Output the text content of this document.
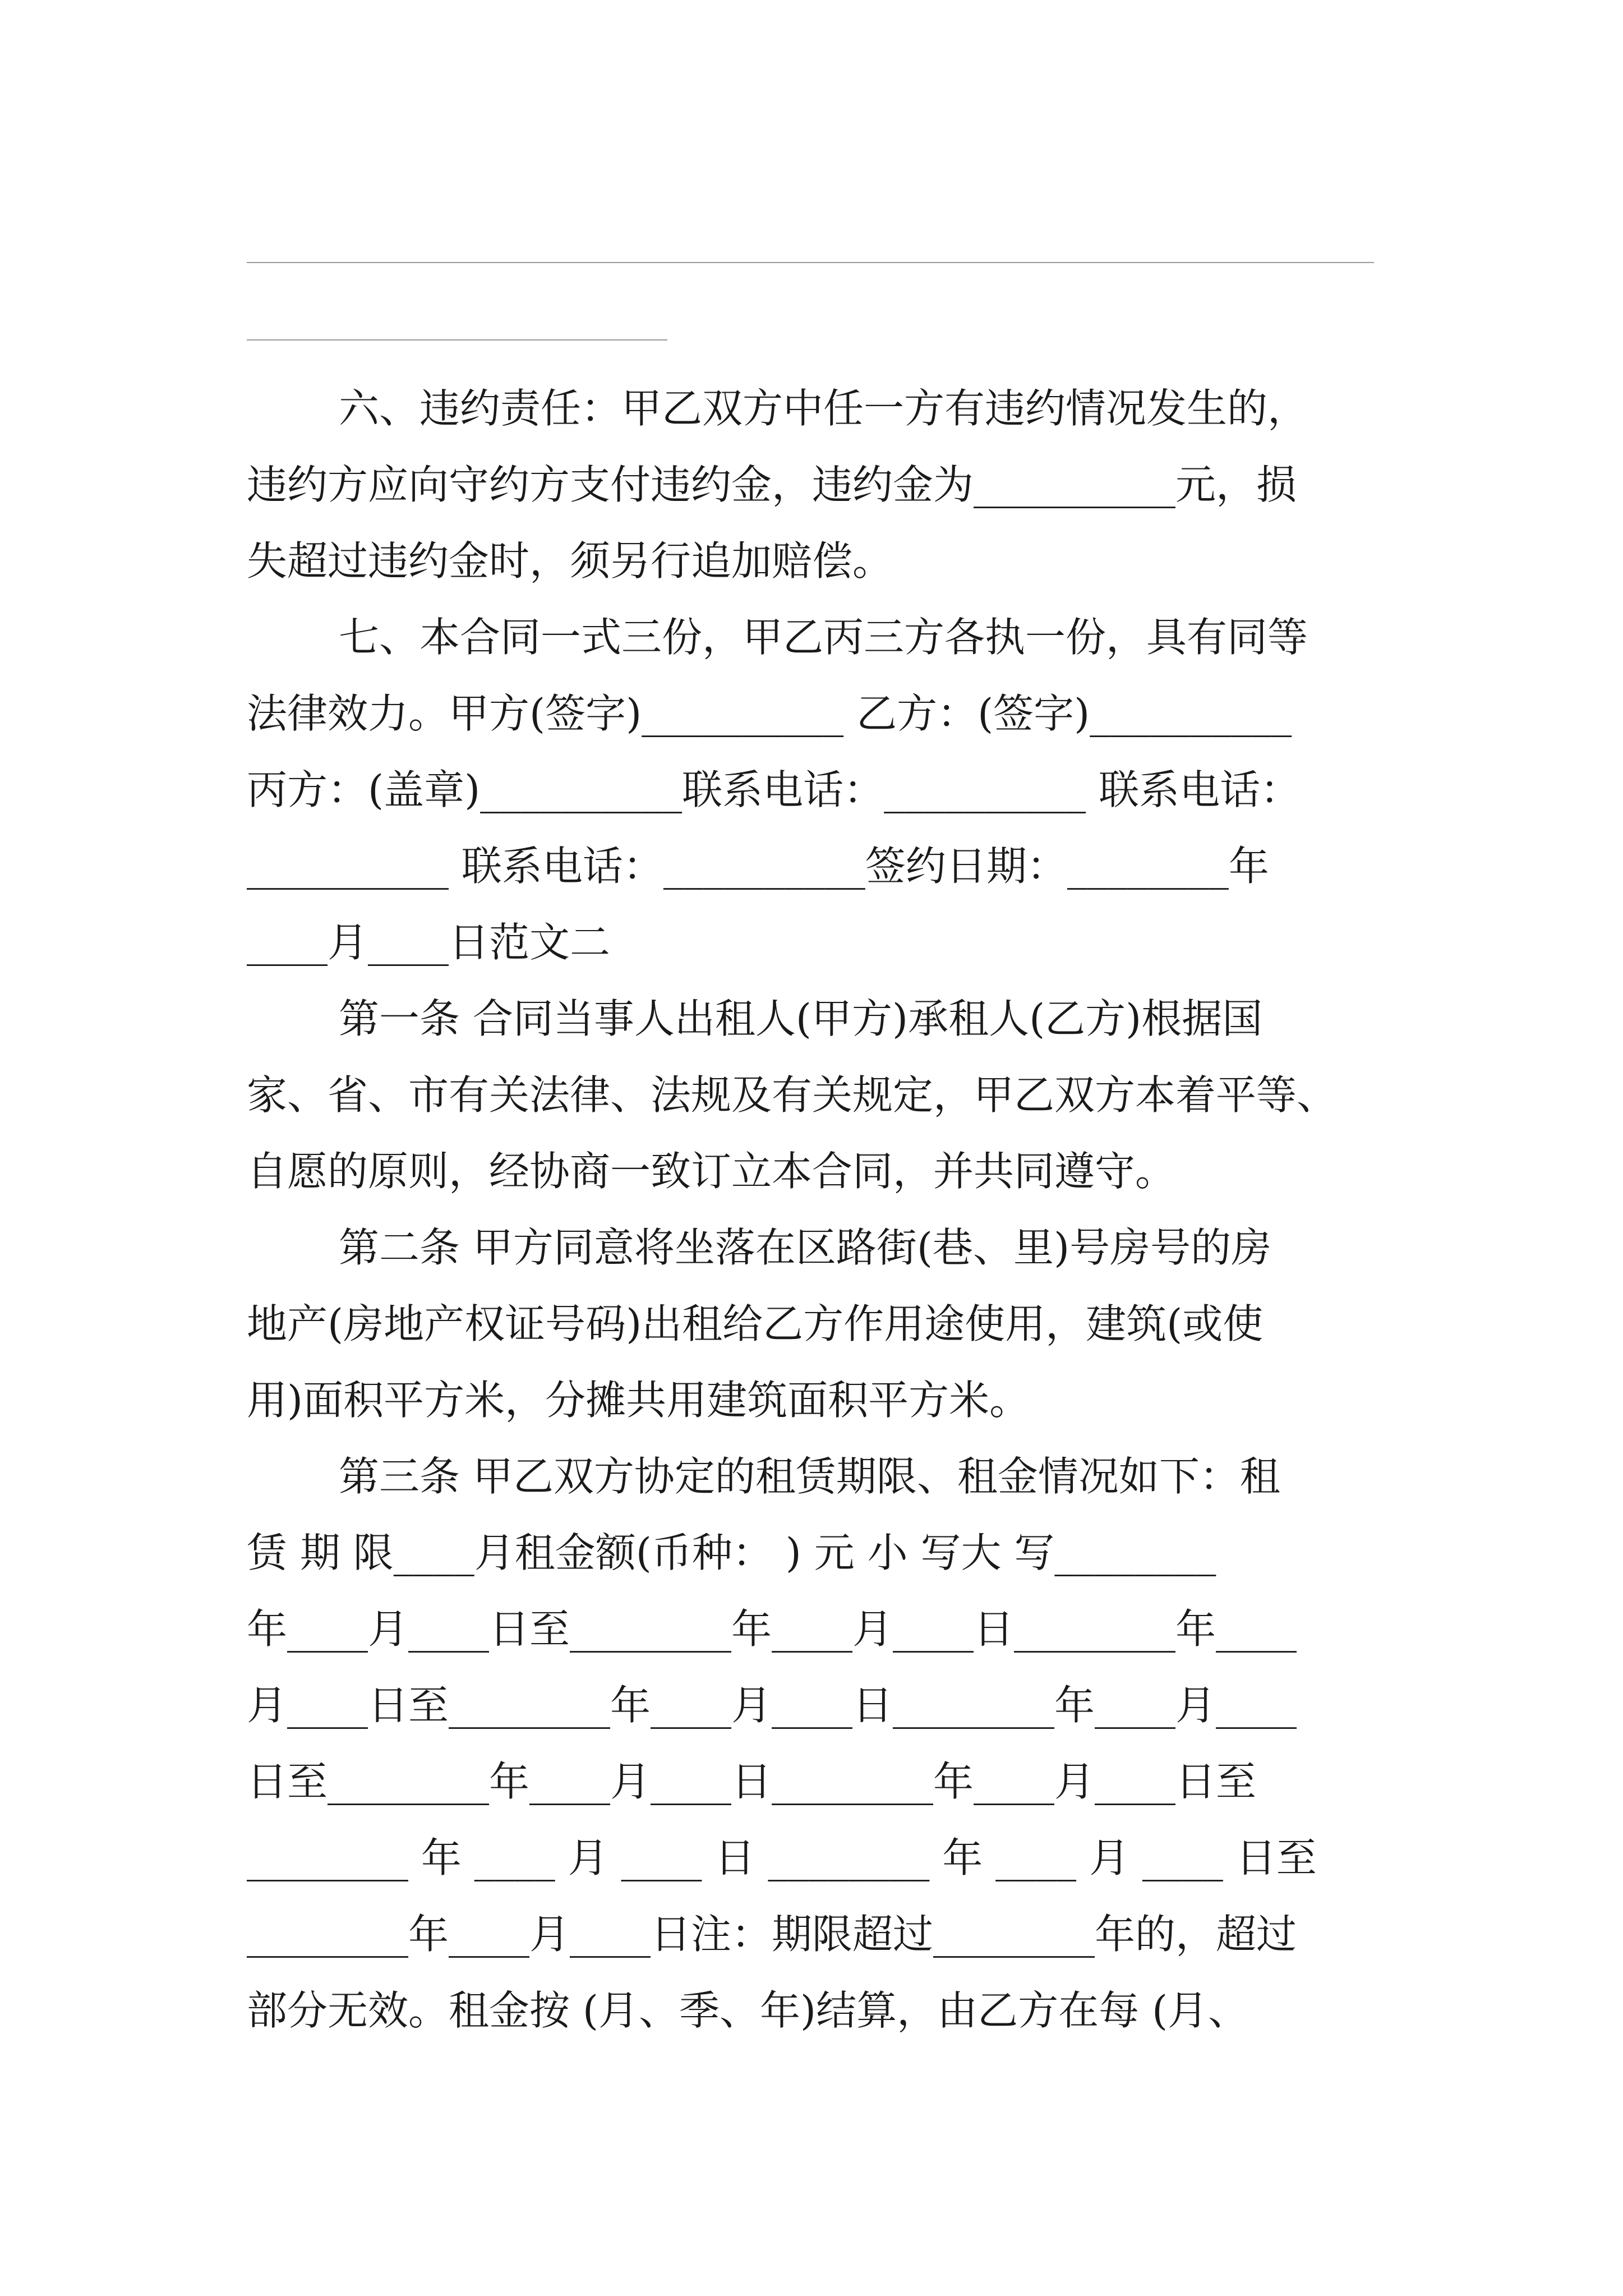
六、违约责任：甲乙双方中任一方有违约情况发生的，
违约方应向守约方支付违约金，违约金为__________元，损
失超过违约金时，须另行追加赔偿。
七、本合同一式三份，甲乙丙三方各执一份，具有同等
法律效力。甲方(签字)__________ 乙方：(签字)__________
丙方：(盖章)__________联系电话：__________ 联系电话：
__________ 联系电话：__________签约日期：________年
____月____日范文二
第一条 合同当事人出租人(甲方)承租人(乙方)根据国
家、省、市有关法律、法规及有关规定，甲乙双方本着平等、
自愿的原则，经协商一致订立本合同，并共同遵守。
第二条 甲方同意将坐落在区路街(巷、里)号房号的房
地产(房地产权证号码)出租给乙方作用途使用，建筑(或使
用)面积平方米，分摊共用建筑面积平方米。
第三条 甲乙双方协定的租赁期限、租金情况如下：租
赁 期 限____月租金额(币种： ) 元 小 写大 写________
年____月____日至________年____月____日________年____
月____日至________年____月____日________年____月____
日至________年____月____日________年____月____日至
________ 年 ____ 月 ____ 日 ________ 年 ____ 月 ____ 日至
________年____月____日注：期限超过________年的，超过
部分无效。租金按 (月、季、年)结算，由乙方在每 (月、
